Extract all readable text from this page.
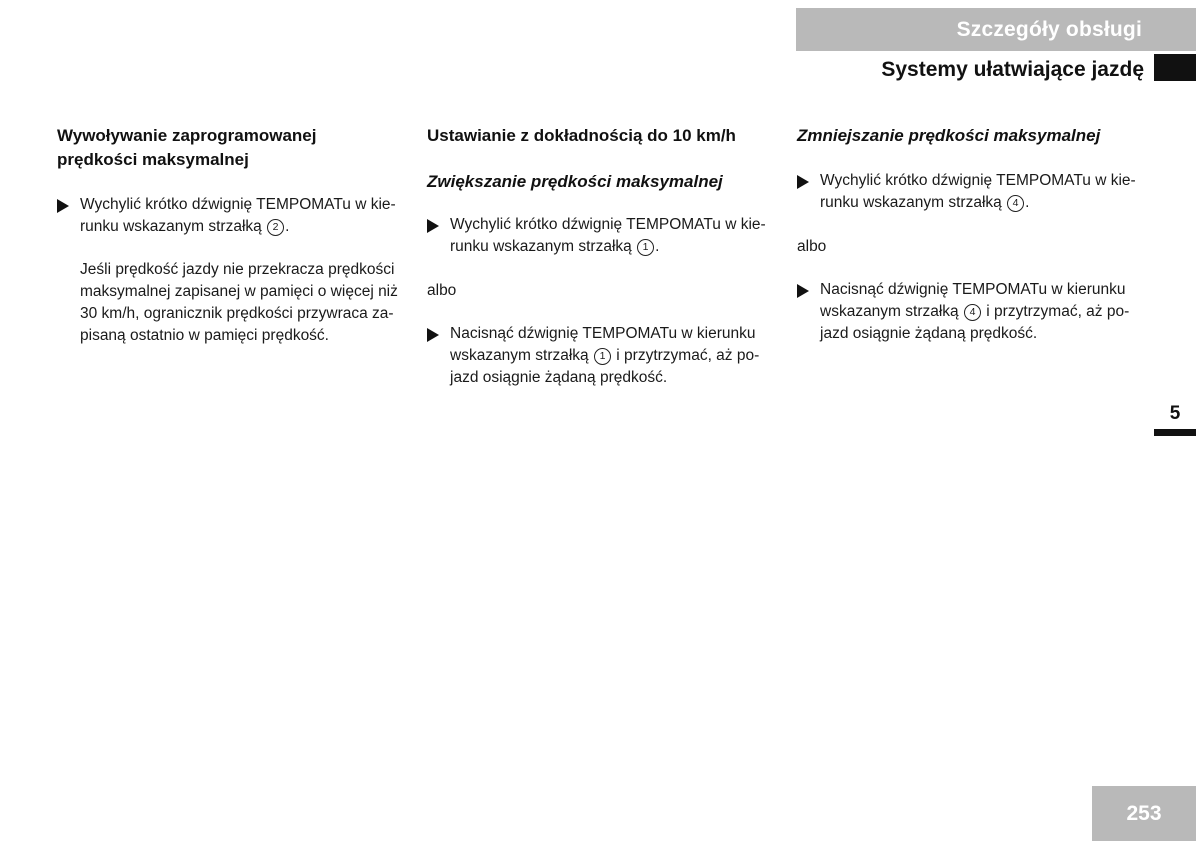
Szczegóły obsługi
Systemy ułatwiające jazdę
Wywoływanie zaprogramowanej
prędkości maksymalnej

Wychylić krótko dźwignię TEMPOMATu w kie-
runku wskazanym strzałką 2 .

Jeśli prędkość jazdy nie przekracza prędkości
maksymalnej zapisanej w pamięci o więcej niż
30 km/h, ogranicznik prędkości przywraca za-
pisaną ostatnio w pamięci prędkość.

Ustawianie z dokładnością do 10 km/h
Zwiększanie prędkości maksymalnej

Wychylić krótko dźwignię TEMPOMATu w kie-
runku wskazanym strzałką 1 .

albo

Nacisnąć dźwignię TEMPOMATu w kierunku
wskazanym strzałką 1 i przytrzymać, aż po-
jazd osiągnie żądaną prędkość.

Zmniejszanie prędkości maksymalnej

Wychylić krótko dźwignię TEMPOMATu w kie-
runku wskazanym strzałką 4 .

albo

Nacisnąć dźwignię TEMPOMATu w kierunku
wskazanym strzałką 4 i przytrzymać, aż po-
jazd osiągnie żądaną prędkość.

5
253
